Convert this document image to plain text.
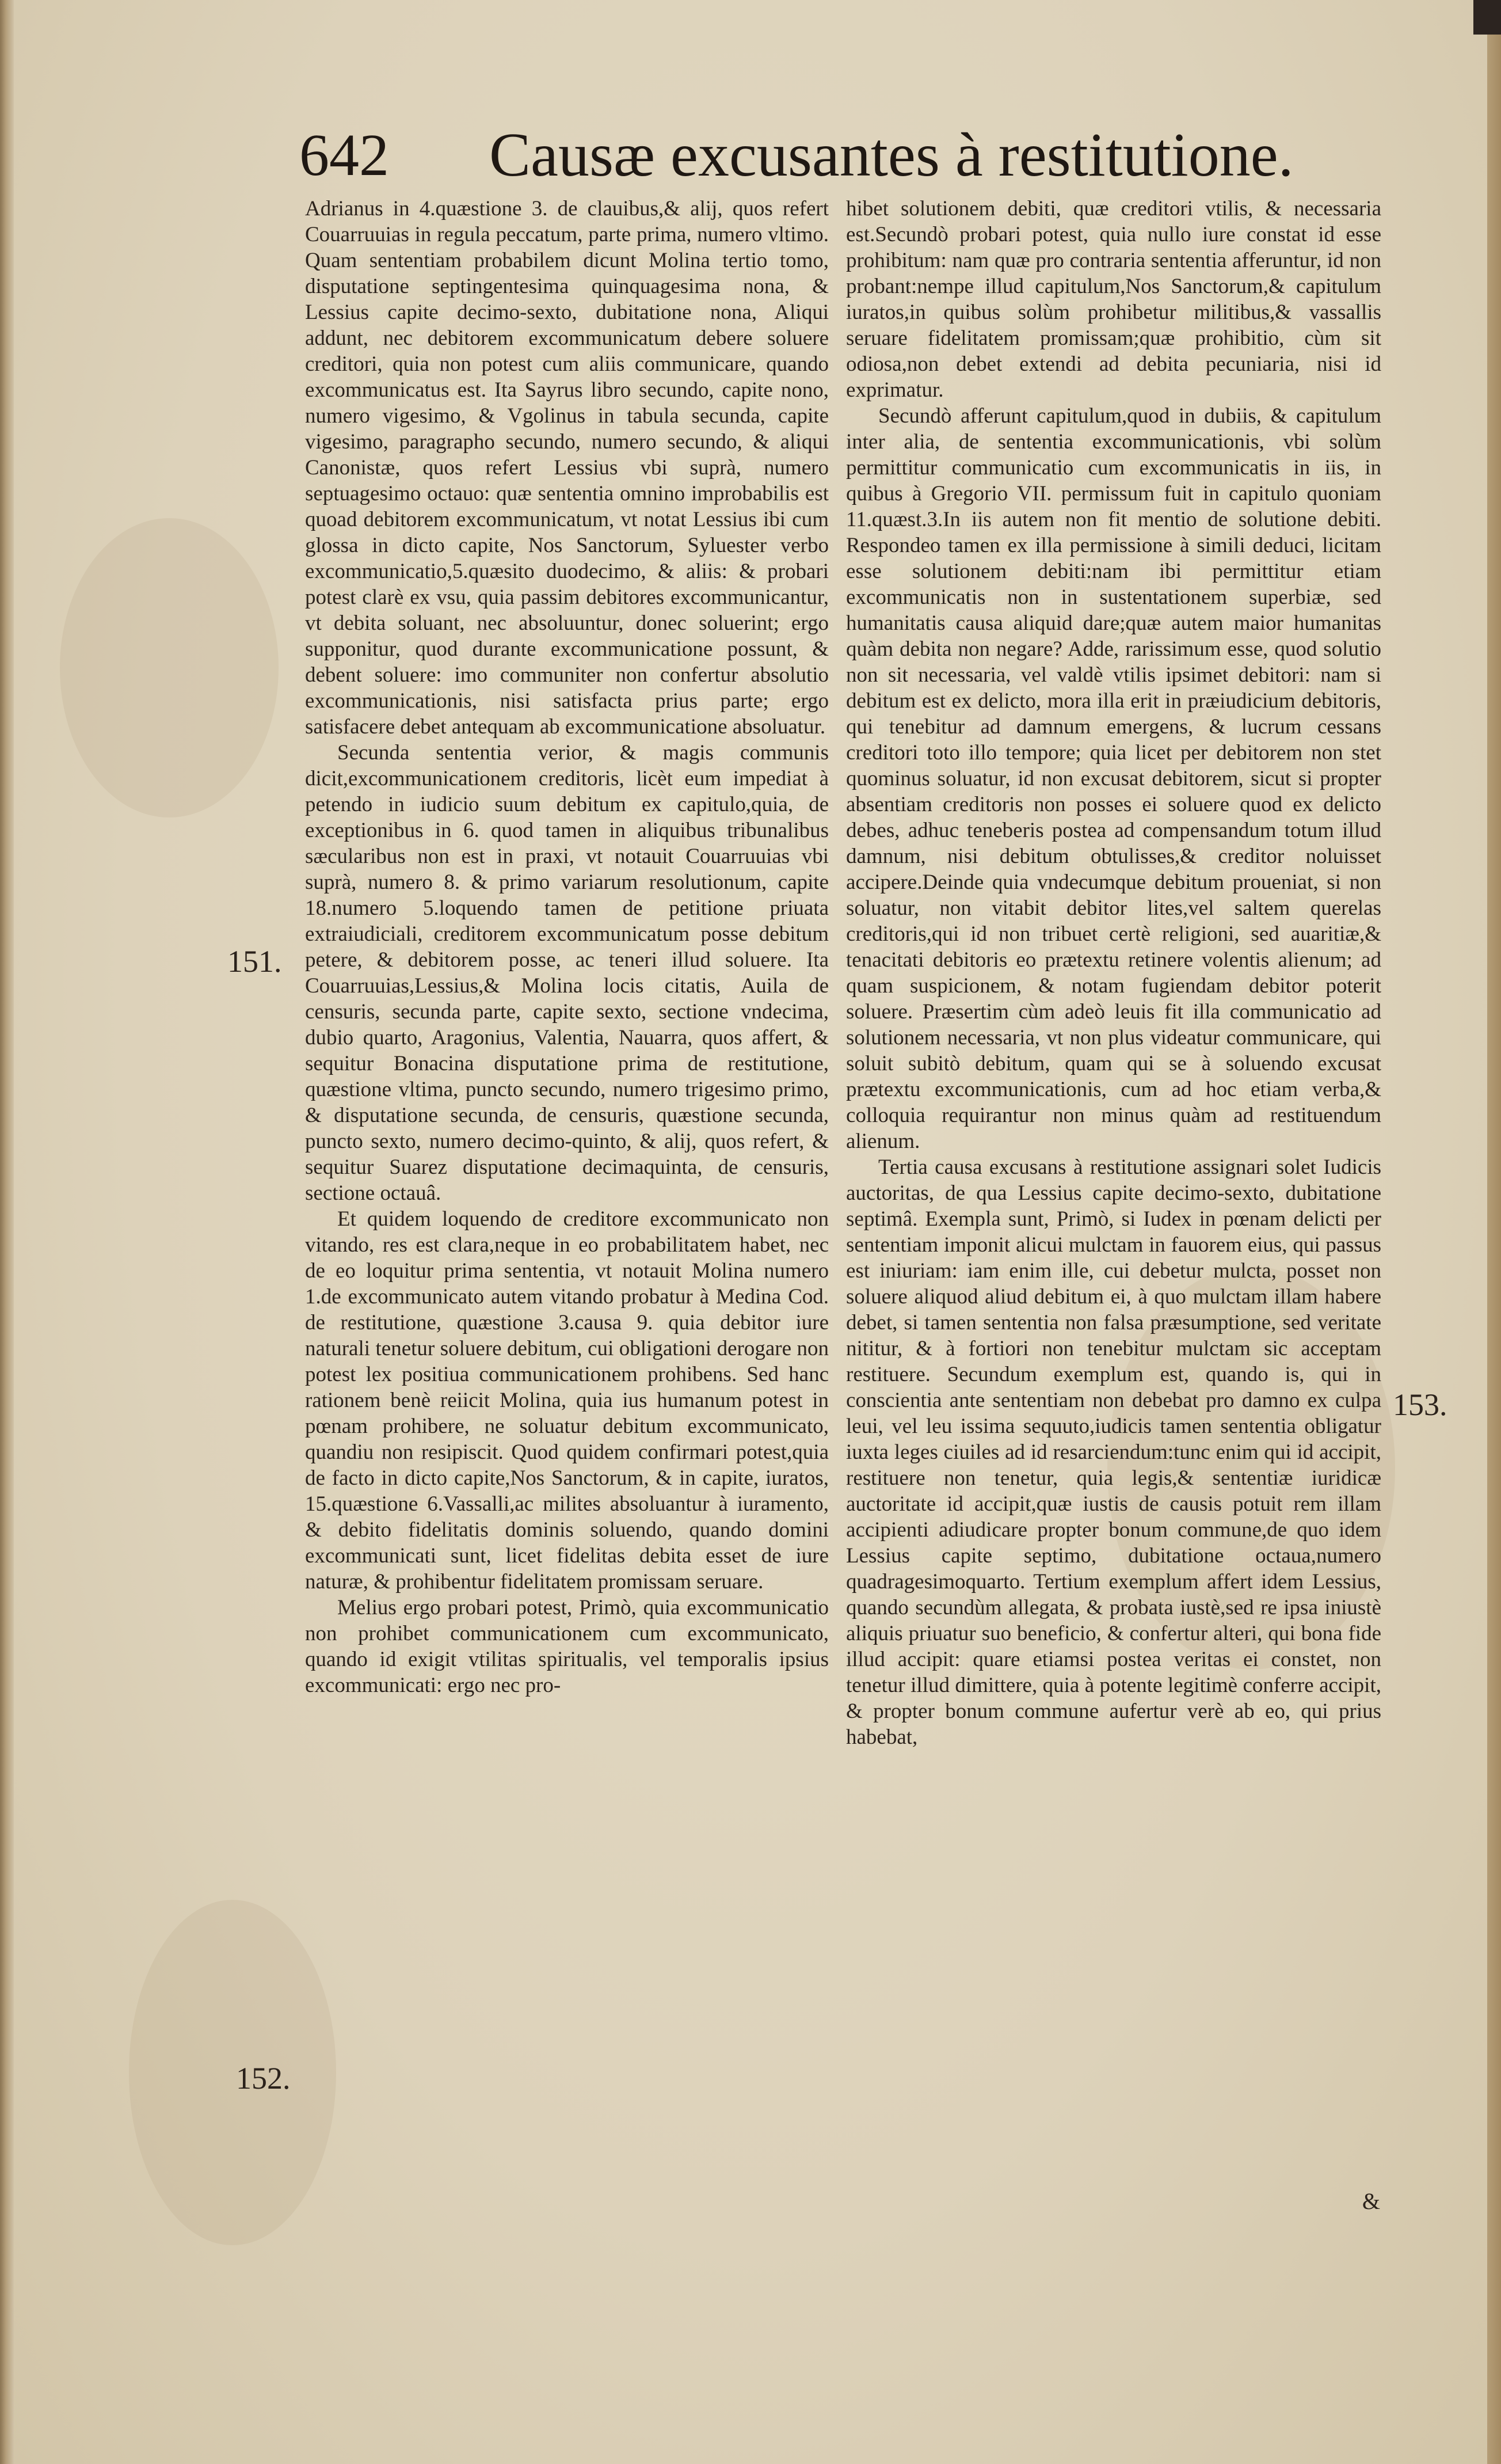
642 Causæ excusantes à restitutione.

Adrianus in 4.quæstione 3. de clauibus,& alij, quos refert Couarruuias in regula peccatum, parte prima, numero vltimo. Quam sententiam probabilem dicunt Molina tertio tomo, disputatione septingentesima quinquagesima nona, & Lessius capite decimo-sexto, dubitatione nona, Aliqui addunt, nec debitorem excommunicatum debere soluere creditori, quia non potest cum aliis communicare, quando excommunicatus est. Ita Sayrus libro secundo, capite nono, numero vigesimo, & Vgolinus in tabula secunda, capite vigesimo, paragrapho secundo, numero secundo, & aliqui Canonistæ, quos refert Lessius vbi suprà, numero septuagesimo octauo: quæ sententia omnino improbabilis est quoad debitorem excommunicatum, vt notat Lessius ibi cum glossa in dicto capite, Nos Sanctorum, Syluester verbo excommunicatio,5.quæsito duodecimo, & aliis: & probari potest clarè ex vsu, quia passim debitores excommunicantur, vt debita soluant, nec absoluuntur, donec soluerint; ergo supponitur, quod durante excommunicatione possunt, & debent soluere: imo communiter non confertur absolutio excommunicationis, nisi satisfacta prius parte; ergo satisfacere debet antequam ab excommunicatione absoluatur.

Secunda sententia verior, & magis communis dicit,excommunicationem creditoris, licèt eum impediat à petendo in iudicio suum debitum ex capitulo,quia, de exceptionibus in 6. quod tamen in aliquibus tribunalibus sæcularibus non est in praxi, vt notauit Couarruuias vbi suprà, numero 8. & primo variarum resolutionum, capite 18.numero 5.loquendo tamen de petitione priuata extraiudiciali, creditorem excommunicatum posse debitum petere, & debitorem posse, ac teneri illud soluere. Ita Couarruuias,Lessius,& Molina locis citatis, Auila de censuris, secunda parte, capite sexto, sectione vndecima, dubio quarto, Aragonius, Valentia, Nauarra, quos affert, & sequitur Bonacina disputatione prima de restitutione, quæstione vltima, puncto secundo, numero trigesimo primo, & disputatione secunda, de censuris, quæstione secunda, puncto sexto, numero decimo-quinto, & alij, quos refert, & sequitur Suarez disputatione decimaquinta, de censuris, sectione octauâ.

Et quidem loquendo de creditore excommunicato non vitando, res est clara,neque in eo probabilitatem habet, nec de eo loquitur prima sententia, vt notauit Molina numero 1.de excommunicato autem vitando probatur à Medina Cod. de restitutione, quæstione 3.causa 9. quia debitor iure naturali tenetur soluere debitum, cui obligationi derogare non potest lex positiua communicationem prohibens. Sed hanc rationem benè reiicit Molina, quia ius humanum potest in pœnam prohibere, ne soluatur debitum excommunicato, quandiu non resipiscit. Quod quidem confirmari potest,quia de facto in dicto capite,Nos Sanctorum, & in capite, iuratos, 15.quæstione 6.Vassalli,ac milites absoluantur à iuramento, & debito fidelitatis dominis soluendo, quando domini excommunicati sunt, licet fidelitas debita esset de iure naturæ, & prohibentur fidelitatem promissam seruare.

Melius ergo probari potest, Primò, quia excommunicatio non prohibet communicationem cum excommunicato, quando id exigit vtilitas spiritualis, vel temporalis ipsius excommunicati: ergo nec pro-

hibet solutionem debiti, quæ creditori vtilis, & necessaria est.Secundò probari potest, quia nullo iure constat id esse prohibitum: nam quæ pro contraria sententia afferuntur, id non probant:nempe illud capitulum,Nos Sanctorum,& capitulum iuratos,in quibus solùm prohibetur militibus,& vassallis seruare fidelitatem promissam;quæ prohibitio, cùm sit odiosa,non debet extendi ad debita pecuniaria, nisi id exprimatur.

Secundò afferunt capitulum,quod in dubiis, & capitulum inter alia, de sententia excommunicationis, vbi solùm permittitur communicatio cum excommunicatis in iis, in quibus à Gregorio VII. permissum fuit in capitulo quoniam 11.quæst.3.In iis autem non fit mentio de solutione debiti. Respondeo tamen ex illa permissione à simili deduci, licitam esse solutionem debiti:nam ibi permittitur etiam excommunicatis non in sustentationem superbiæ, sed humanitatis causa aliquid dare;quæ autem maior humanitas quàm debita non negare? Adde, rarissimum esse, quod solutio non sit necessaria, vel valdè vtilis ipsimet debitori: nam si debitum est ex delicto, mora illa erit in præiudicium debitoris, qui tenebitur ad damnum emergens, & lucrum cessans creditori toto illo tempore; quia licet per debitorem non stet quominus soluatur, id non excusat debitorem, sicut si propter absentiam creditoris non posses ei soluere quod ex delicto debes, adhuc teneberis postea ad compensandum totum illud damnum, nisi debitum obtulisses,& creditor noluisset accipere.Deinde quia vndecumque debitum proueniat, si non soluatur, non vitabit debitor lites,vel saltem querelas creditoris,qui id non tribuet certè religioni, sed auaritiæ,& tenacitati debitoris eo prætextu retinere volentis alienum; ad quam suspicionem, & notam fugiendam debitor poterit soluere. Præsertim cùm adeò leuis fit illa communicatio ad solutionem necessaria, vt non plus videatur communicare, qui soluit subitò debitum, quam qui se à soluendo excusat prætextu excommunicationis, cum ad hoc etiam verba,& colloquia requirantur non minus quàm ad restituendum alienum.

Tertia causa excusans à restitutione assignari solet Iudicis auctoritas, de qua Lessius capite decimo-sexto, dubitatione septimâ. Exempla sunt, Primò, si Iudex in pœnam delicti per sententiam imponit alicui mulctam in fauorem eius, qui passus est iniuriam: iam enim ille, cui debetur mulcta, posset non soluere aliquod aliud debitum ei, à quo mulctam illam habere debet, si tamen sententia non falsa præsumptione, sed veritate nititur, & à fortiori non tenebitur mulctam sic acceptam restituere. Secundum exemplum est, quando is, qui in conscientia ante sententiam non debebat pro damno ex culpa leui, vel leu issima sequuto,iudicis tamen sententia obligatur iuxta leges ciuiles ad id resarciendum:tunc enim qui id accipit, restituere non tenetur, quia legis,& sententiæ iuridicæ auctoritate id accipit,quæ iustis de causis potuit rem illam accipienti adiudicare propter bonum commune,de quo idem Lessius capite septimo, dubitatione octaua,numero quadragesimoquarto. Tertium exemplum affert idem Lessius, quando secundùm allegata, & probata iustè,sed re ipsa iniustè aliquis priuatur suo beneficio, & confertur alteri, qui bona fide illud accipit: quare etiamsi postea veritas ei constet, non tenetur illud dimittere, quia à potente legitimè conferre accipit, & propter bonum commune aufertur verè ab eo, qui prius habebat,

151.
152.
153.
&
